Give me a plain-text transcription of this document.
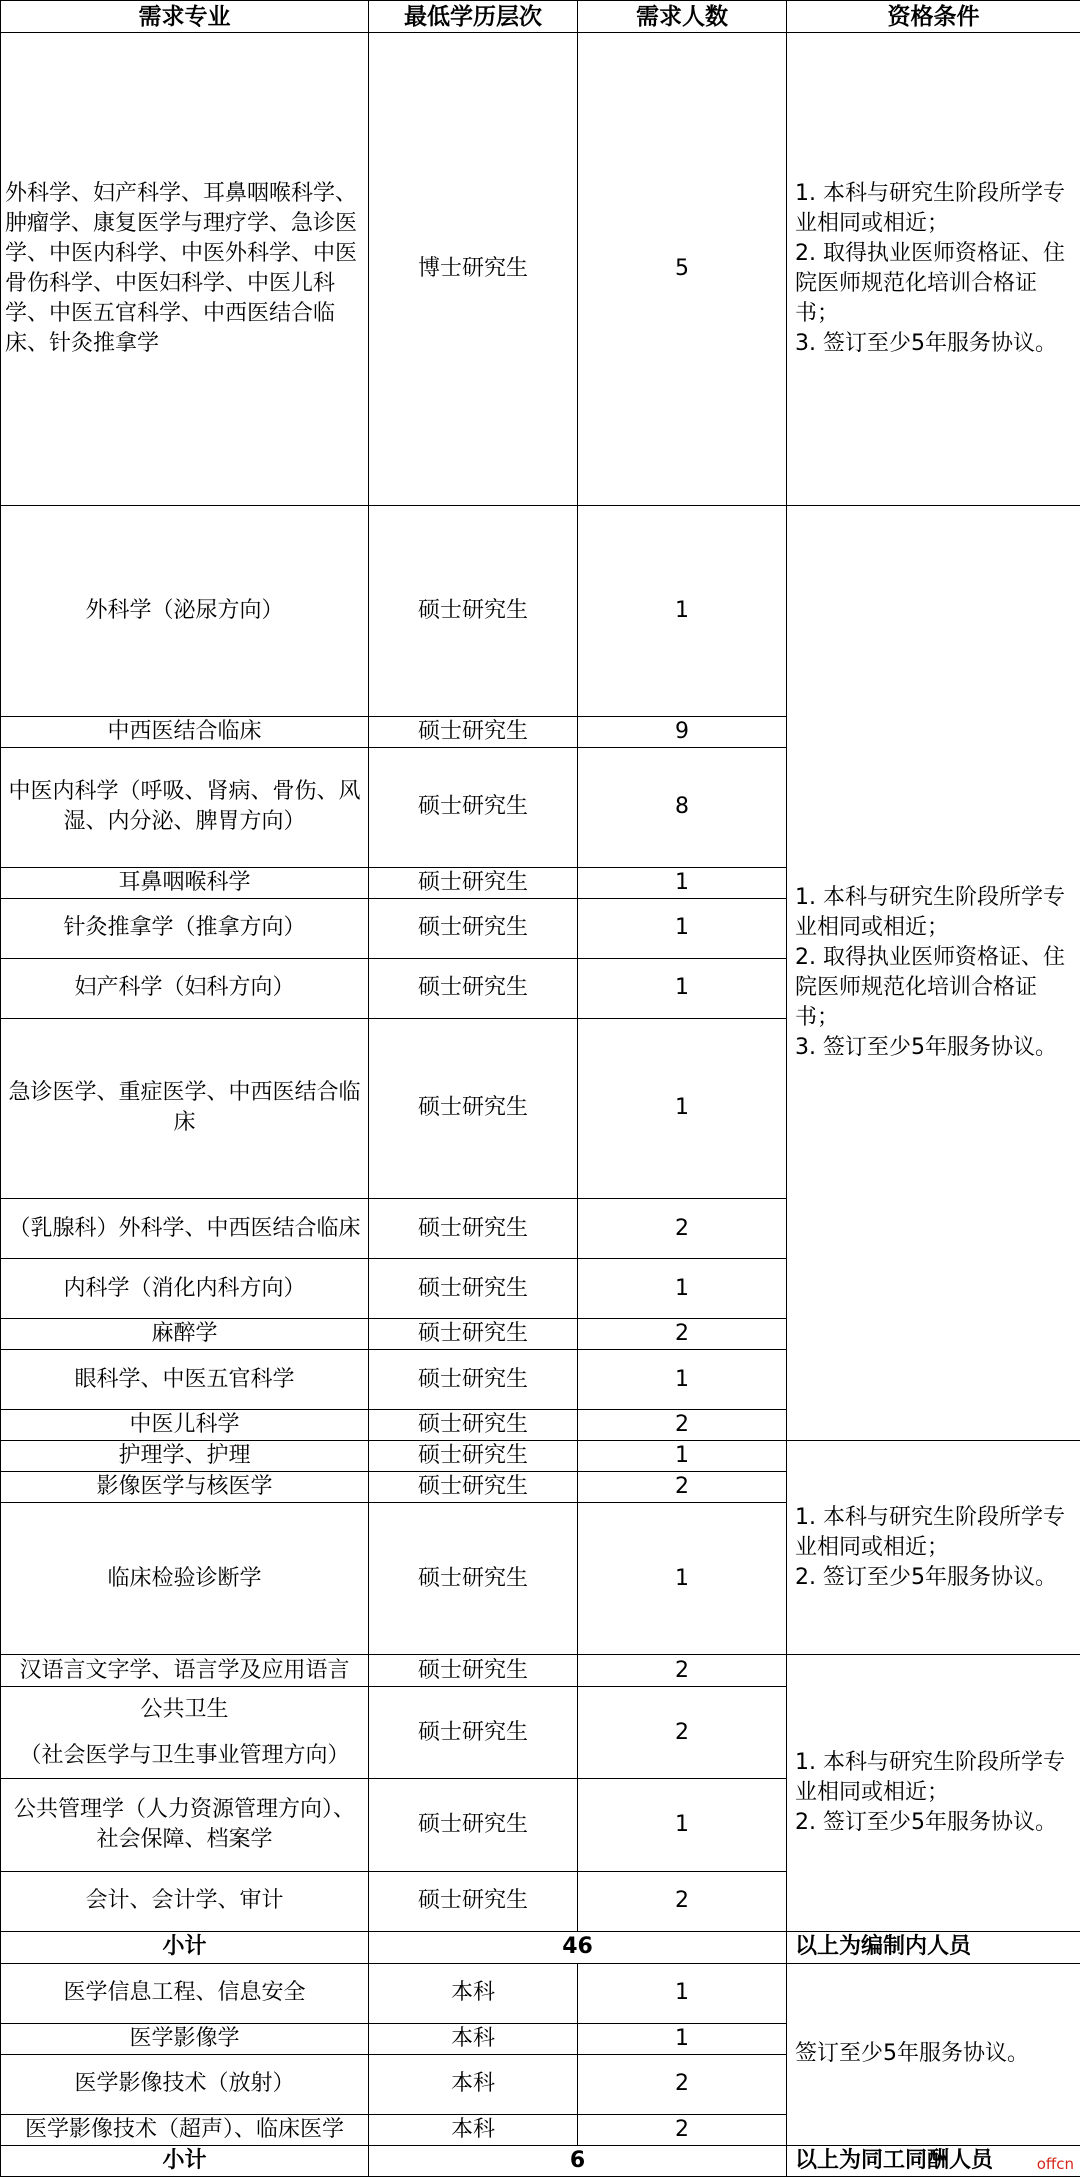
需求专业	最低学历层次	需求人数	资格条件
外科学、妇产科学、耳鼻咽喉科学、肿瘤学、康复医学与理疗学、急诊医学、中医内科学、中医外科学、中医骨伤科学、中医妇科学、中医儿科学、中医五官科学、中西医结合临床、针灸推拿学	博士研究生	5	1. 本科与研究生阶段所学专业相同或相近；
2. 取得执业医师资格证、住院医师规范化培训合格证书；
3. 签订至少5年服务协议。
外科学（泌尿方向）	硕士研究生	1	1. 本科与研究生阶段所学专业相同或相近；
2. 取得执业医师资格证、住院医师规范化培训合格证书；
3. 签订至少5年服务协议。
中西医结合临床	硕士研究生	9	
中医内科学（呼吸、肾病、骨伤、风湿、内分泌、脾胃方向）	硕士研究生	8	
耳鼻咽喉科学	硕士研究生	1	
针灸推拿学（推拿方向）	硕士研究生	1	
妇产科学（妇科方向）	硕士研究生	1	
急诊医学、重症医学、中西医结合临床	硕士研究生	1	
（乳腺科）外科学、中西医结合临床	硕士研究生	2	
内科学（消化内科方向）	硕士研究生	1	
麻醉学	硕士研究生	2	
眼科学、中医五官科学	硕士研究生	1	
中医儿科学	硕士研究生	2	
护理学、护理	硕士研究生	1	1. 本科与研究生阶段所学专业相同或相近；
2. 签订至少5年服务协议。
影像医学与核医学	硕士研究生	2	
临床检验诊断学	硕士研究生	1	
汉语言文字学、语言学及应用语言	硕士研究生	2	1. 本科与研究生阶段所学专业相同或相近；
2. 签订至少5年服务协议。

公共卫生
（社会医学与卫生事业管理方向）	硕士研究生	2	
公共管理学（人力资源管理方向）、社会保障、档案学	硕士研究生	1	
会计、会计学、审计	硕士研究生	2	
小计	46		以上为编制内人员
医学信息工程、信息安全	本科	1	签订至少5年服务协议。
医学影像学	本科	1	
医学影像技术（放射）	本科	2	
医学影像技术（超声）、临床医学	本科	2	
小计	6		以上为同工同酬人员	offcn
